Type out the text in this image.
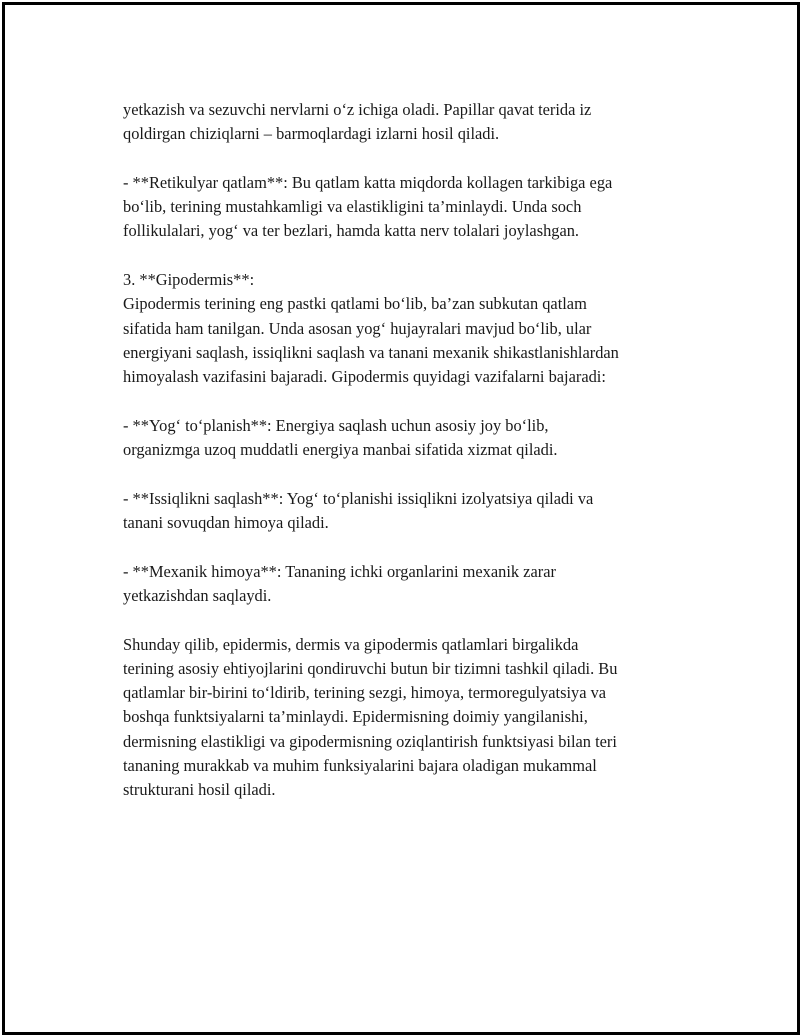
yetkazish va sezuvchi nervlarni o‘z ichiga oladi. Papillar qavat terida iz
qoldirgan chiziqlarni – barmoqlardagi izlarni hosil qiladi.

- **Retikulyar qatlam**: Bu qatlam katta miqdorda kollagen tarkibiga ega
bo‘lib, terining mustahkamligi va elastikligini ta’minlaydi. Unda soch
follikulalari, yog‘ va ter bezlari, hamda katta nerv tolalari joylashgan.

3. **Gipodermis**:
Gipodermis terining eng pastki qatlami bo‘lib, ba’zan subkutan qatlam
sifatida ham tanilgan. Unda asosan yog‘ hujayralari mavjud bo‘lib, ular
energiyani saqlash, issiqlikni saqlash va tanani mexanik shikastlanishlardan
himoyalash vazifasini bajaradi. Gipodermis quyidagi vazifalarni bajaradi:

- **Yog‘ to‘planish**: Energiya saqlash uchun asosiy joy bo‘lib,
organizmga uzoq muddatli energiya manbai sifatida xizmat qiladi.

- **Issiqlikni saqlash**: Yog‘ to‘planishi issiqlikni izolyatsiya qiladi va
tanani sovuqdan himoya qiladi.

- **Mexanik himoya**: Tananing ichki organlarini mexanik zarar
yetkazishdan saqlaydi.

Shunday qilib, epidermis, dermis va gipodermis qatlamlari birgalikda
terining asosiy ehtiyojlarini qondiruvchi butun bir tizimni tashkil qiladi. Bu
qatlamlar bir-birini to‘ldirib, terining sezgi, himoya, termoregulyatsiya va
boshqa funktsiyalarni ta’minlaydi. Epidermisning doimiy yangilanishi,
dermisning elastikligi va gipodermisning oziqlantirish funktsiyasi bilan teri
tananing murakkab va muhim funksiyalarini bajara oladigan mukammal
strukturani hosil qiladi.
